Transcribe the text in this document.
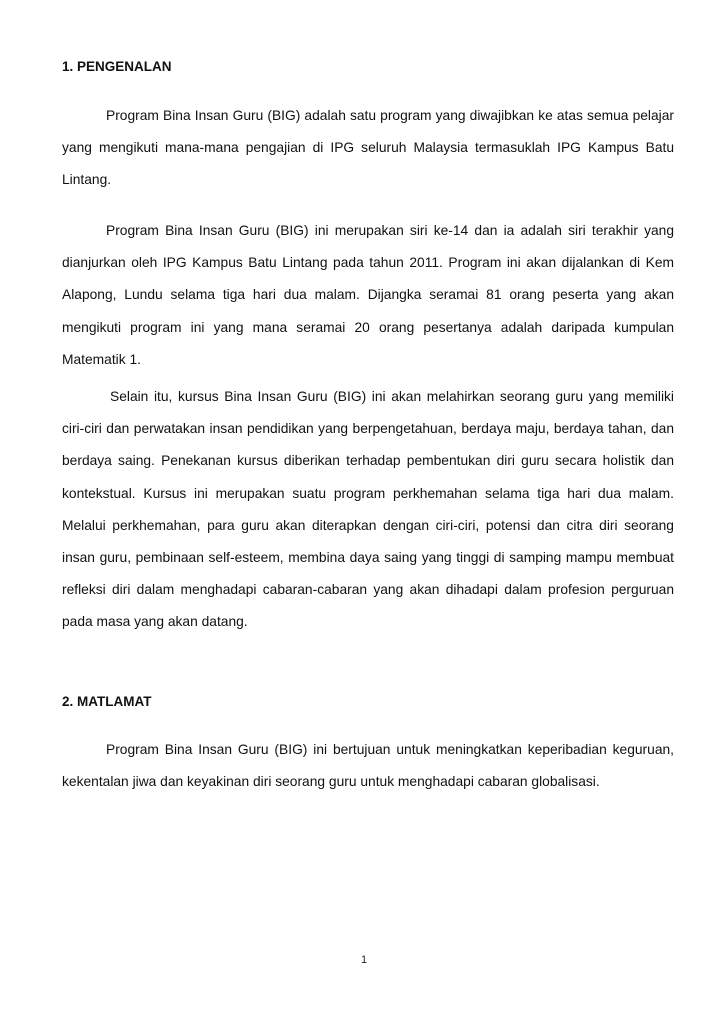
1. PENGENALAN

Program Bina Insan Guru (BIG) adalah satu program yang diwajibkan ke atas semua pelajar yang mengikuti mana-mana pengajian di IPG seluruh Malaysia termasuklah IPG Kampus Batu Lintang.

Program Bina Insan Guru (BIG) ini merupakan siri ke-14 dan ia adalah siri terakhir yang dianjurkan oleh IPG Kampus Batu Lintang pada tahun 2011. Program ini akan dijalankan di Kem Alapong, Lundu selama tiga hari dua malam. Dijangka seramai 81 orang peserta yang akan mengikuti program ini yang mana seramai 20 orang pesertanya adalah daripada kumpulan Matematik 1.

Selain itu, kursus Bina Insan Guru (BIG) ini akan melahirkan seorang guru yang memiliki ciri-ciri dan perwatakan insan pendidikan yang berpengetahuan, berdaya maju, berdaya tahan, dan berdaya saing. Penekanan kursus diberikan terhadap pembentukan diri guru secara holistik dan kontekstual. Kursus ini merupakan suatu program perkhemahan selama tiga hari dua malam. Melalui perkhemahan, para guru akan diterapkan dengan ciri-ciri, potensi dan citra diri seorang insan guru, pembinaan self-esteem, membina daya saing yang tinggi di samping mampu membuat refleksi diri dalam menghadapi cabaran-cabaran yang akan dihadapi dalam profesion perguruan pada masa yang akan datang.

2. MATLAMAT

Program Bina Insan Guru (BIG) ini bertujuan untuk meningkatkan keperibadian keguruan, kekentalan jiwa dan keyakinan diri seorang guru untuk menghadapi cabaran globalisasi.

1
